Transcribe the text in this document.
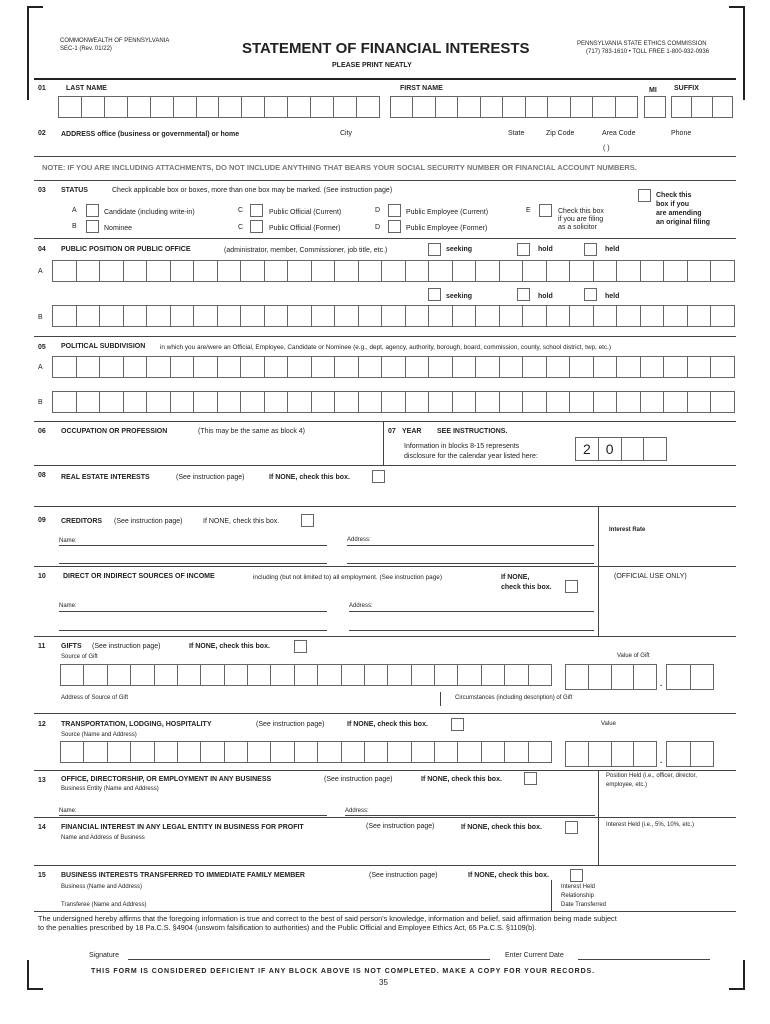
COMMONWEALTH OF PENNSYLVANIA
SEC-1 (Rev. 01/22)	STATEMENT OF FINANCIAL INTERESTS
PLEASE PRINT NEATLY
PENNSYLVANIA STATE ETHICS COMMISSION
(717) 783-1610 • TOLL FREE 1-800-932-0936
01	LAST NAME	FIRST NAME	MI SUFFIX
02 ADDRESS office (business or governmental) or home	City	State	Zip Code	Area Code	Phone
( )
NOTE: IF YOU ARE INCLUDING ATTACHMENTS, DO NOT INCLUDE ANYTHING THAT BEARS YOUR SOCIAL SECURITY NUMBER OR FINANCIAL ACCOUNT NUMBERS.
03 STATUS	Check applicable box or boxes, more than one box may be marked. (See instruction page)
A	Candidate (including write-in)
B	Nominee
C	Public Official (Current)
C	Public Official (Former)
D	Public Employee (Current)
D	Public Employee (Former)
E	Check this box
if you are filing
as a solicitor
Check this
box if you
are amending
an original filing
04 PUBLIC POSITION OR PUBLIC OFFICE	(administrator, member, Commissioner, job title, etc.)	seeking	hold	held
A
seeking	hold	held
B
05 POLITICAL SUBDIVISION in which you are/were an Official, Employee, Candidate or Nominee (e.g., dept, agency, authority, borough, board, commission, county, school district, twp, etc.)
A
B
06 OCCUPATION OR PROFESSION	(This may be the same as block 4)	07 YEAR SEE INSTRUCTIONS.
Information in blocks 8-15 represents
disclosure for the calendar year listed here:	2	0
08 REAL ESTATE INTERESTS	(See instruction page)	If NONE, check this box.
09 CREDITORS (See instruction page)	If NONE, check this box.
Name:	Address:
Interest Rate
10 DIRECT OR INDIRECT SOURCES OF INCOME	including (but not limited to) all employment. (See instruction page)	If NONE,
check this box.
(OFFICIAL USE ONLY)
Name:	Address:
11 GIFTS (See instruction page)	If NONE, check this box.
Source of Gift	Value of Gift
.
Address of Source of Gift	Circumstances (including description) of Gift
12 TRANSPORTATION, LODGING, HOSPITALITY	(See instruction page)	If NONE, check this box.	Value
Source (Name and Address)
.
13 OFFICE, DIRECTORSHIP, OR EMPLOYMENT IN ANY BUSINESS	(See instruction page)	If NONE, check this box.
Business Entity (Name and Address)
Position Held (i.e., officer, director,
employee, etc.)
Name:	Address:
14 FINANCIAL INTEREST IN ANY LEGAL ENTITY IN BUSINESS FOR PROFIT	(See instruction page)	If NONE, check this box.
Name and Address of Business
Interest Held (i.e., 5%, 10%, etc.)
15 BUSINESS INTERESTS TRANSFERRED TO IMMEDIATE FAMILY MEMBER	(See instruction page)	If NONE, check this box.
Business (Name and Address)
Transferee (Name and Address)
Interest Held
Relationship
Date Transferred
The undersigned hereby affirms that the foregoing information is true and correct to the best of said person's knowledge, information and belief, said affirmation being made subject
to the penalties prescribed by 18 Pa.C.S. §4904 (unsworn falsification to authorities) and the Public Official and Employee Ethics Act, 65 Pa.C.S. §1109(b).
Signature	Enter Current Date
THIS FORM IS CONSIDERED DEFICIENT IF ANY BLOCK ABOVE IS NOT COMPLETED. MAKE A COPY FOR YOUR RECORDS.
35
